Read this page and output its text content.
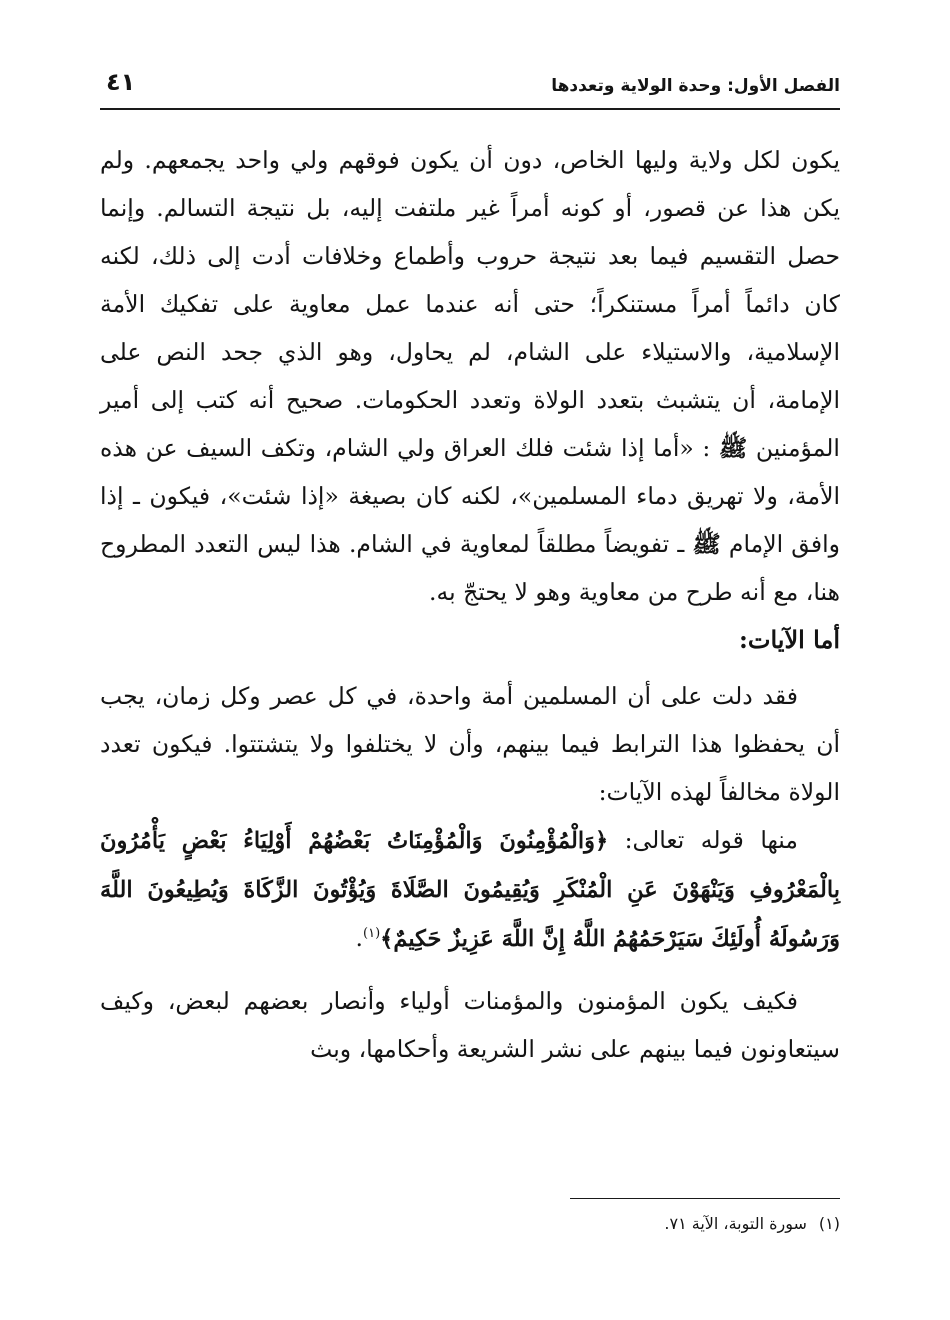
الفصل الأول: وحدة الولاية وتعددها
٤١

يكون لكل ولاية وليها الخاص، دون أن يكون فوقهم ولي واحد يجمعهم. ولم يكن هذا عن قصور، أو كونه أمراً غير ملتفت إليه، بل نتيجة التسالم. وإنما حصل التقسيم فيما بعد نتيجة حروب وأطماع وخلافات أدت إلى ذلك، لكنه كان دائماً أمراً مستنكراً؛ حتى أنه عندما عمل معاوية على تفكيك الأمة الإسلامية، والاستيلاء على الشام، لم يحاول، وهو الذي جحد النص على الإمامة، أن يتشبث بتعدد الولاة وتعدد الحكومات. صحيح أنه كتب إلى أمير المؤمنين ﷺ : «أما إذا شئت فلك العراق ولي الشام، وتكف السيف عن هذه الأمة، ولا تهريق دماء المسلمين»، لكنه كان بصيغة «إذا شئت»، فيكون ـ إذا وافق الإمام ﷺ ـ تفويضاً مطلقاً لمعاوية في الشام. هذا ليس التعدد المطروح هنا، مع أنه طرح من معاوية وهو لا يحتجّ به.

أما الآيات:

فقد دلت على أن المسلمين أمة واحدة، في كل عصر وكل زمان، يجب أن يحفظوا هذا الترابط فيما بينهم، وأن لا يختلفوا ولا يتشتتوا. فيكون تعدد الولاة مخالفاً لهذه الآيات:

منها قوله تعالى: ﴿وَالْمُؤْمِنُونَ وَالْمُؤْمِنَاتُ بَعْضُهُمْ أَوْلِيَاءُ بَعْضٍ يَأْمُرُونَ بِالْمَعْرُوفِ وَيَنْهَوْنَ عَنِ الْمُنْكَرِ وَيُقِيمُونَ الصَّلَاةَ وَيُؤْتُونَ الزَّكَاةَ وَيُطِيعُونَ اللَّهَ وَرَسُولَهُ أُولَئِكَ سَيَرْحَمُهُمُ اللَّهُ إِنَّ اللَّهَ عَزِيزٌ حَكِيمٌ﴾$^{(١)}$.

فكيف يكون المؤمنون والمؤمنات أولياء وأنصار بعضهم لبعض، وكيف سيتعاونون فيما بينهم على نشر الشريعة وأحكامها، وبث

(١)سورة التوبة، الآية ٧١.
